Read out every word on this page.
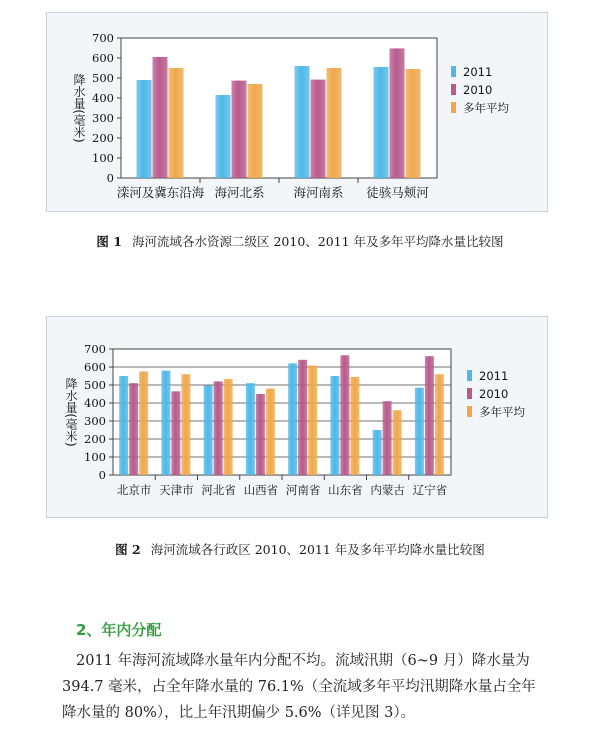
0
100
200
300
400
500
600
700
降水量(毫米)
滦河及冀东沿海 海河北系 海河南系 徒骇马颊河
2011
2010
多年平均
图 1 海河流域各水资源二级区 2010、2011 年及多年平均降水量比较图
0
100
200
300
400
500
600
700
降水量(毫米)
北京市 天津市 河北省 山西省 河南省 山东省 内蒙古 辽宁省
2011
2010
多年平均
图 2 海河流域各行政区 2010、2011 年及多年平均降水量比较图
2、年内分配
2011 年海河流域降水量年内分配不均。流域汛期（6~9 月）降水量为
394.7 毫米，占全年降水量的 76.1%（全流域多年平均汛期降水量占全年
降水量的 80%），比上年汛期偏少 5.6%（详见图 3）。
